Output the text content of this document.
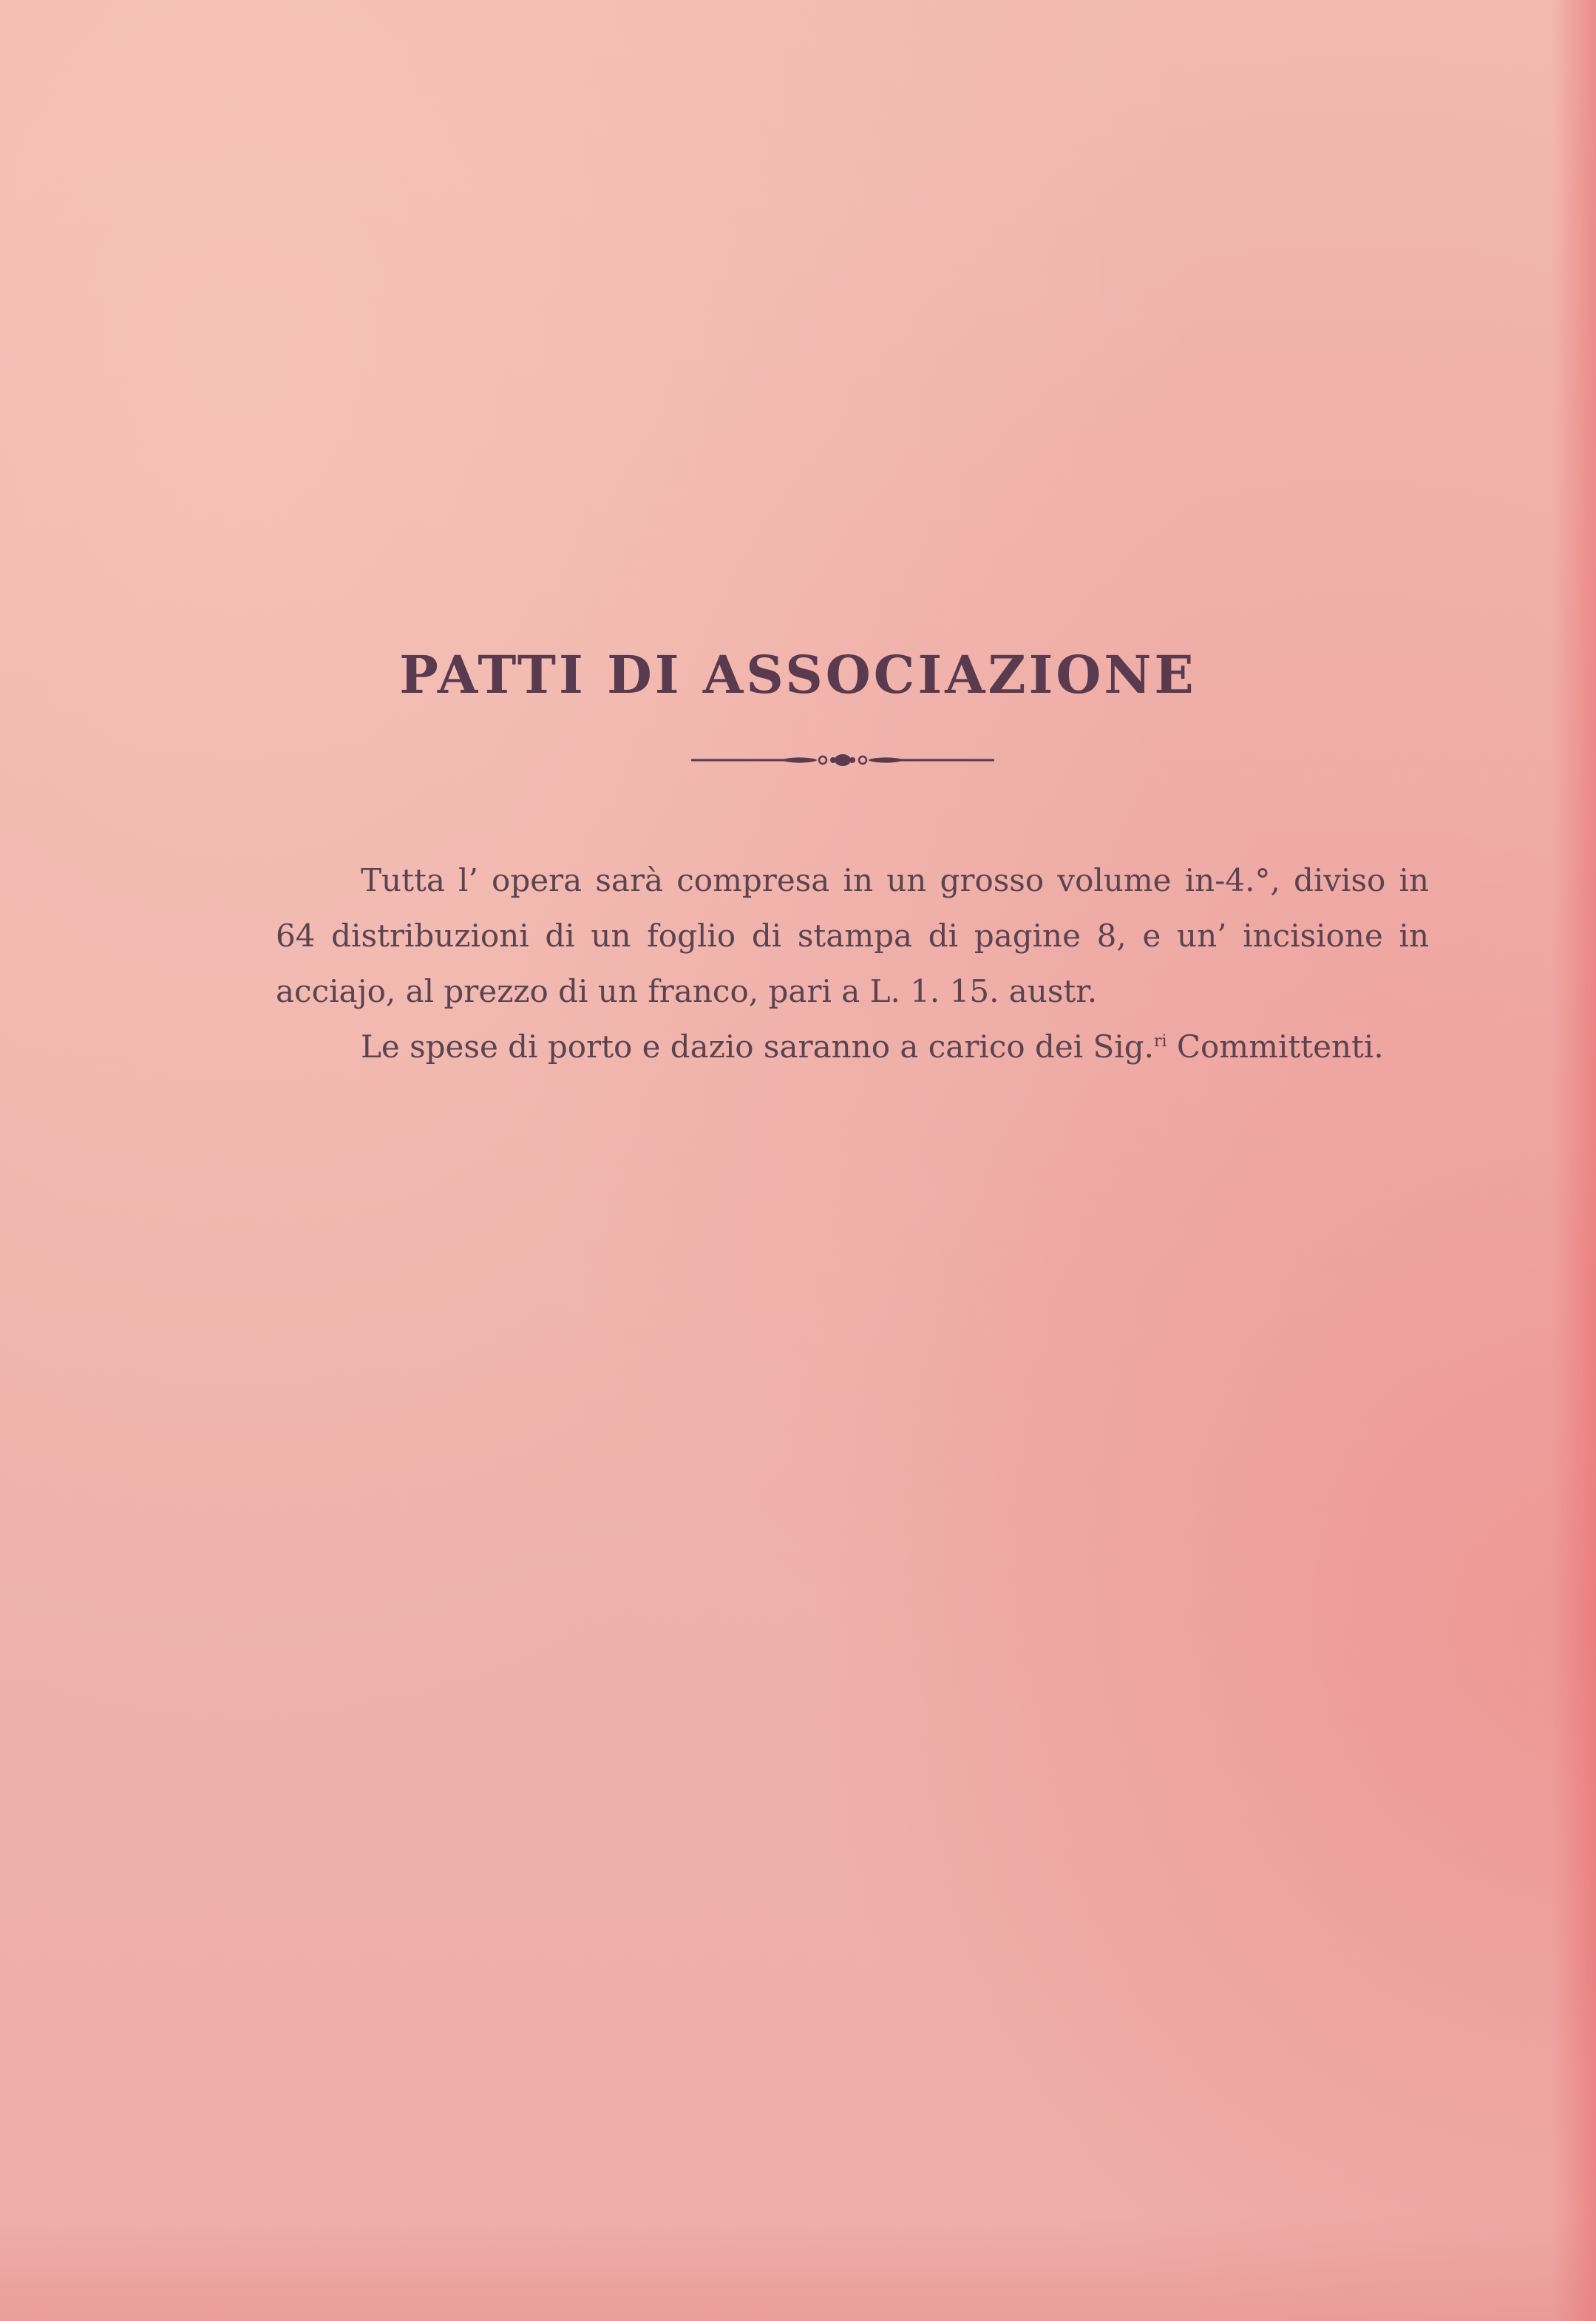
PATTI DI ASSOCIAZIONE

Tutta l’ opera sarà compresa in un grosso volume in-4.°, diviso in 64 distribuzioni di un foglio di stampa di pagine 8, e un’ incisione in acciajo, al prezzo di un franco, pari a L. 1. 15. austr.

Le spese di porto e dazio saranno a carico dei Sig.$^{ri}$ Committenti.
